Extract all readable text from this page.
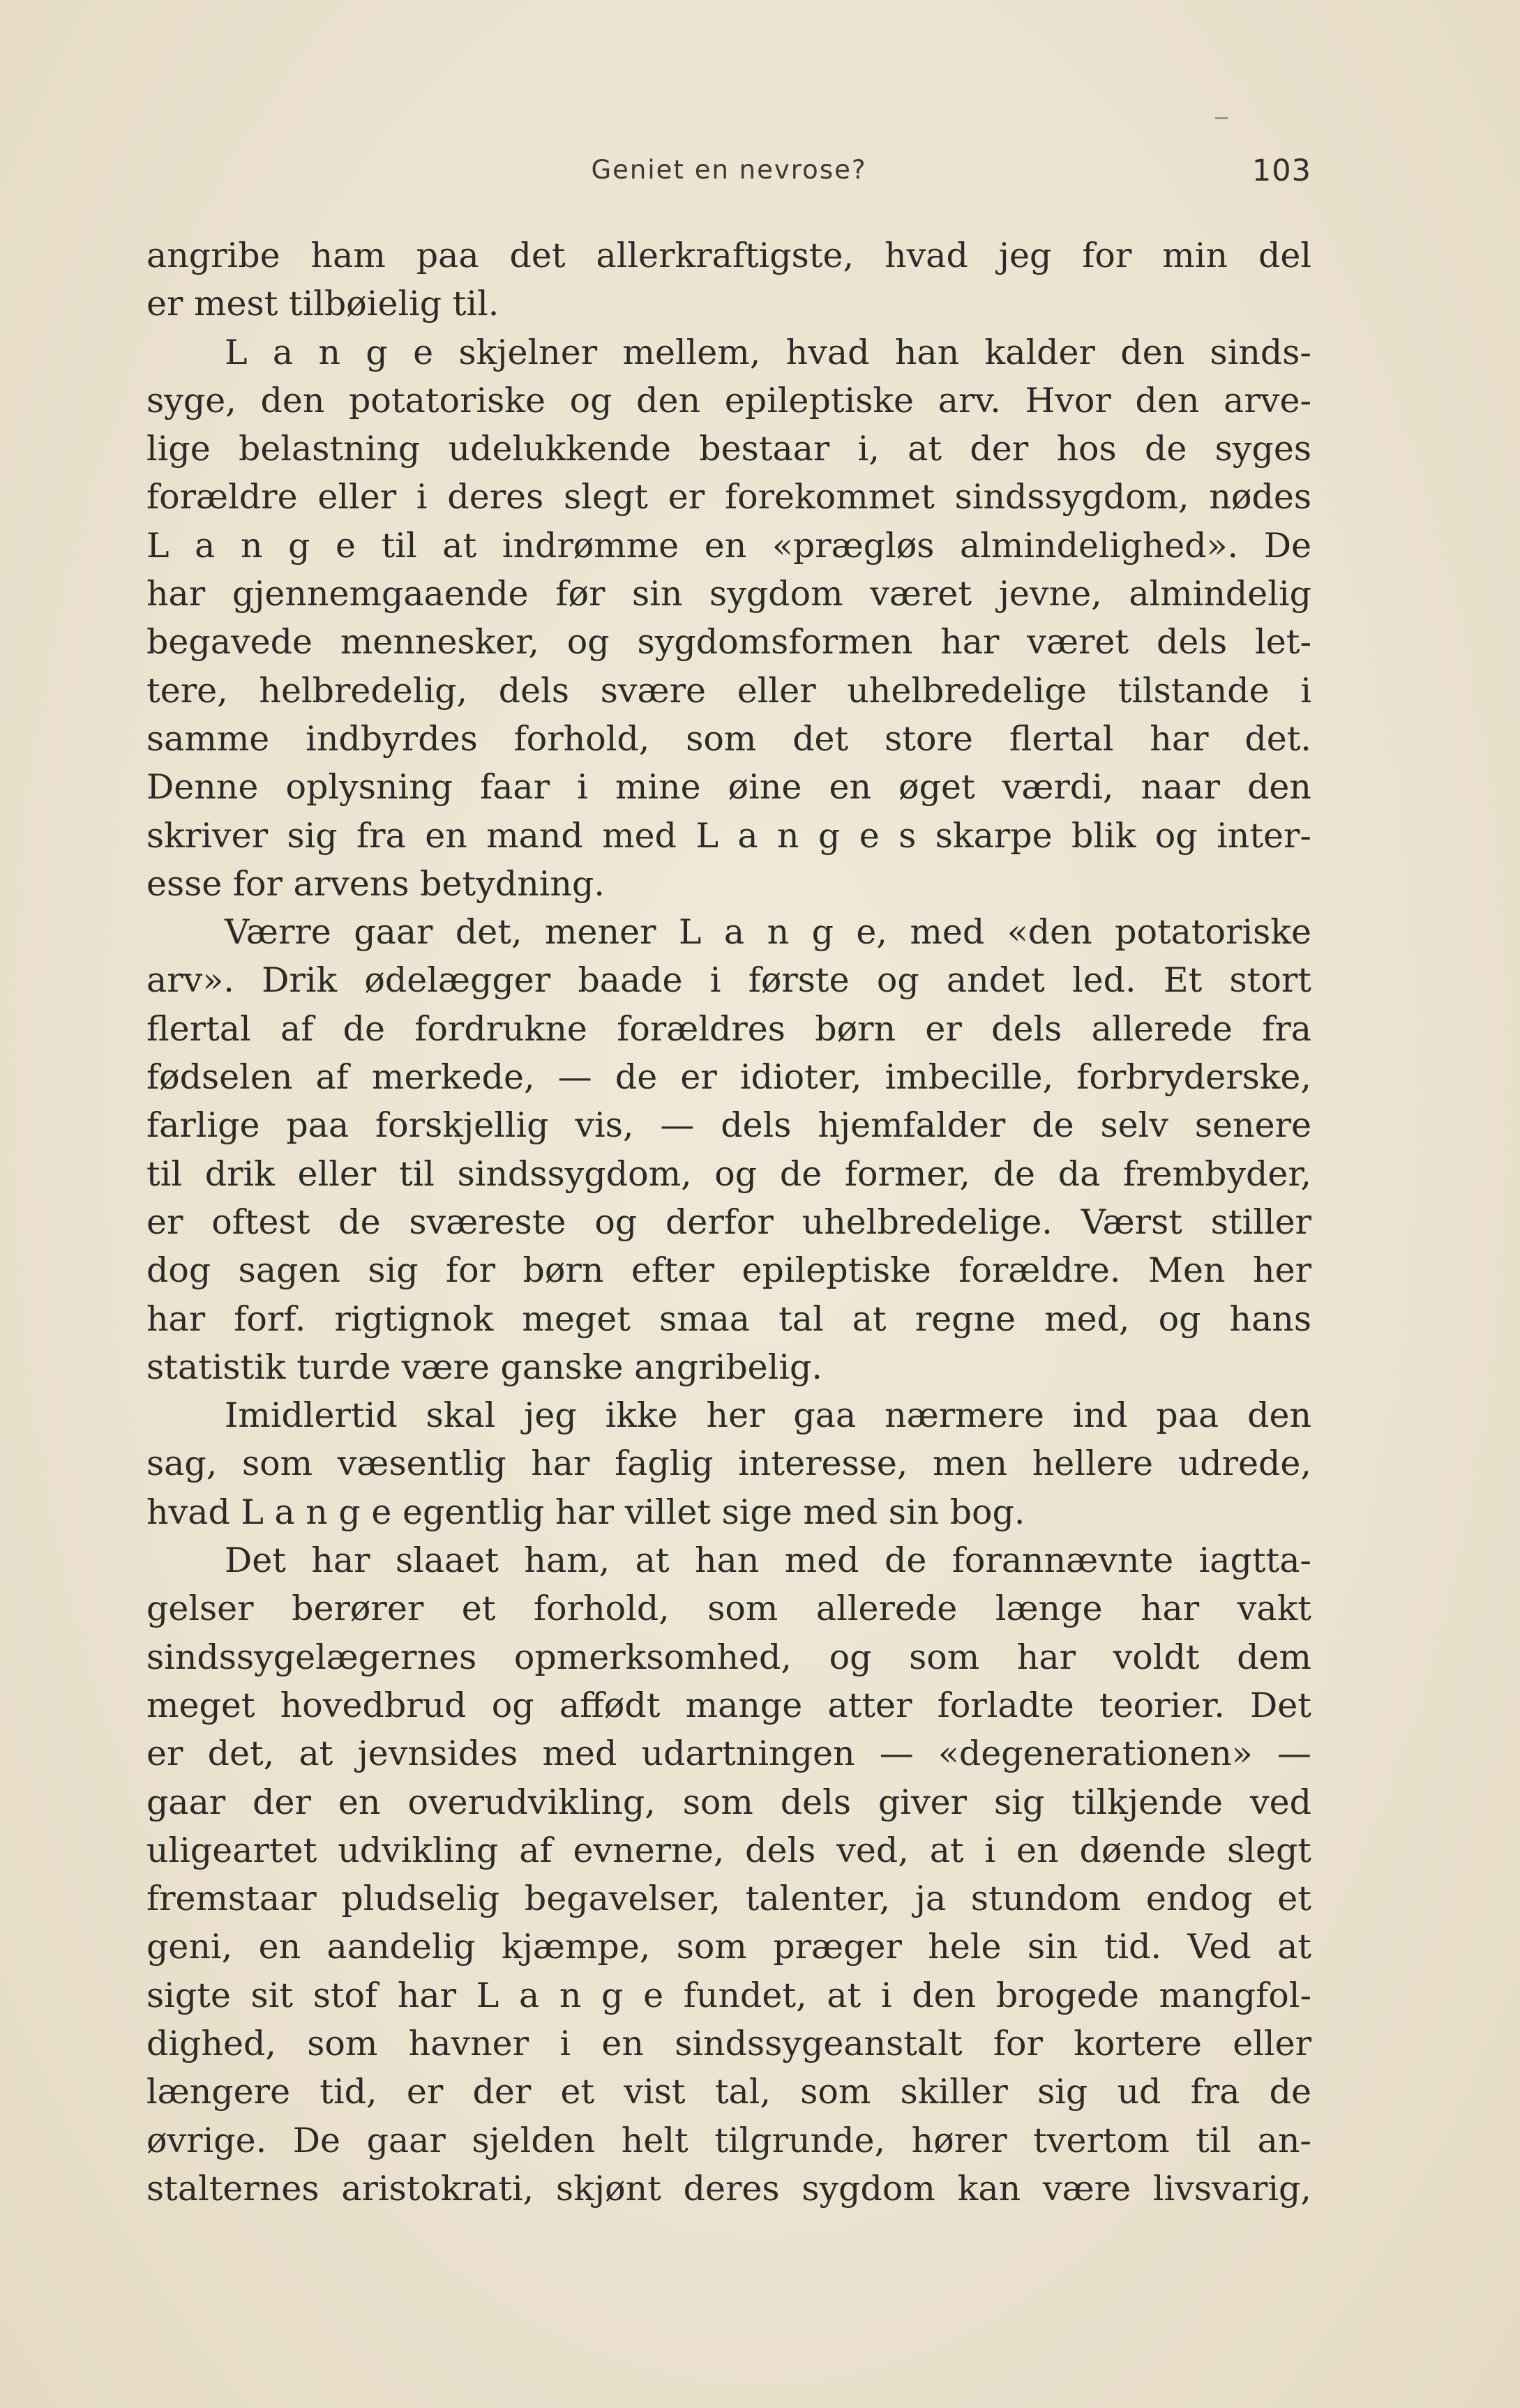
Geniet en nevrose?	103
angribe ham paa det allerkraftigste, hvad jeg for min del
er mest tilbøielig til.
L a n g e skjelner mellem, hvad han kalder den sinds-
syge, den potatoriske og den epileptiske arv. Hvor den arve-
lige belastning udelukkende bestaar i, at der hos de syges
forældre eller i deres slegt er forekommet sindssygdom, nødes
L a n g e til at indrømme en «prægløs almindelighed». De
har gjennemgaaende før sin sygdom været jevne, almindelig
begavede mennesker, og sygdomsformen har været dels let-
tere, helbredelig, dels svære eller uhelbredelige tilstande i
samme indbyrdes forhold, som det store flertal har det.
Denne oplysning faar i mine øine en øget værdi, naar den
skriver sig fra en mand med L a n g e s skarpe blik og inter-
esse for arvens betydning.
Værre gaar det, mener L a n g e, med «den potatoriske
arv». Drik ødelægger baade i første og andet led. Et stort
flertal af de fordrukne forældres børn er dels allerede fra
fødselen af merkede, — de er idioter, imbecille, forbryderske,
farlige paa forskjellig vis, — dels hjemfalder de selv senere
til drik eller til sindssygdom, og de former, de da frembyder,
er oftest de sværeste og derfor uhelbredelige. Værst stiller
dog sagen sig for børn efter epileptiske forældre. Men her
har forf. rigtignok meget smaa tal at regne med, og hans
statistik turde være ganske angribelig.
Imidlertid skal jeg ikke her gaa nærmere ind paa den
sag, som væsentlig har faglig interesse, men hellere udrede,
hvad L a n g e egentlig har villet sige med sin bog.
Det har slaaet ham, at han med de forannævnte iagtta-
gelser berører et forhold, som allerede længe har vakt
sindssygelægernes opmerksomhed, og som har voldt dem
meget hovedbrud og affødt mange atter forladte teorier. Det
er det, at jevnsides med udartningen — «degenerationen» —
gaar der en overudvikling, som dels giver sig tilkjende ved
uligeartet udvikling af evnerne, dels ved, at i en døende slegt
fremstaar pludselig begavelser, talenter, ja stundom endog et
geni, en aandelig kjæmpe, som præger hele sin tid. Ved at
sigte sit stof har L a n g e fundet, at i den brogede mangfol-
dighed, som havner i en sindssygeanstalt for kortere eller
længere tid, er der et vist tal, som skiller sig ud fra de
øvrige. De gaar sjelden helt tilgrunde, hører tvertom til an-
stalternes aristokrati, skjønt deres sygdom kan være livsvarig,
